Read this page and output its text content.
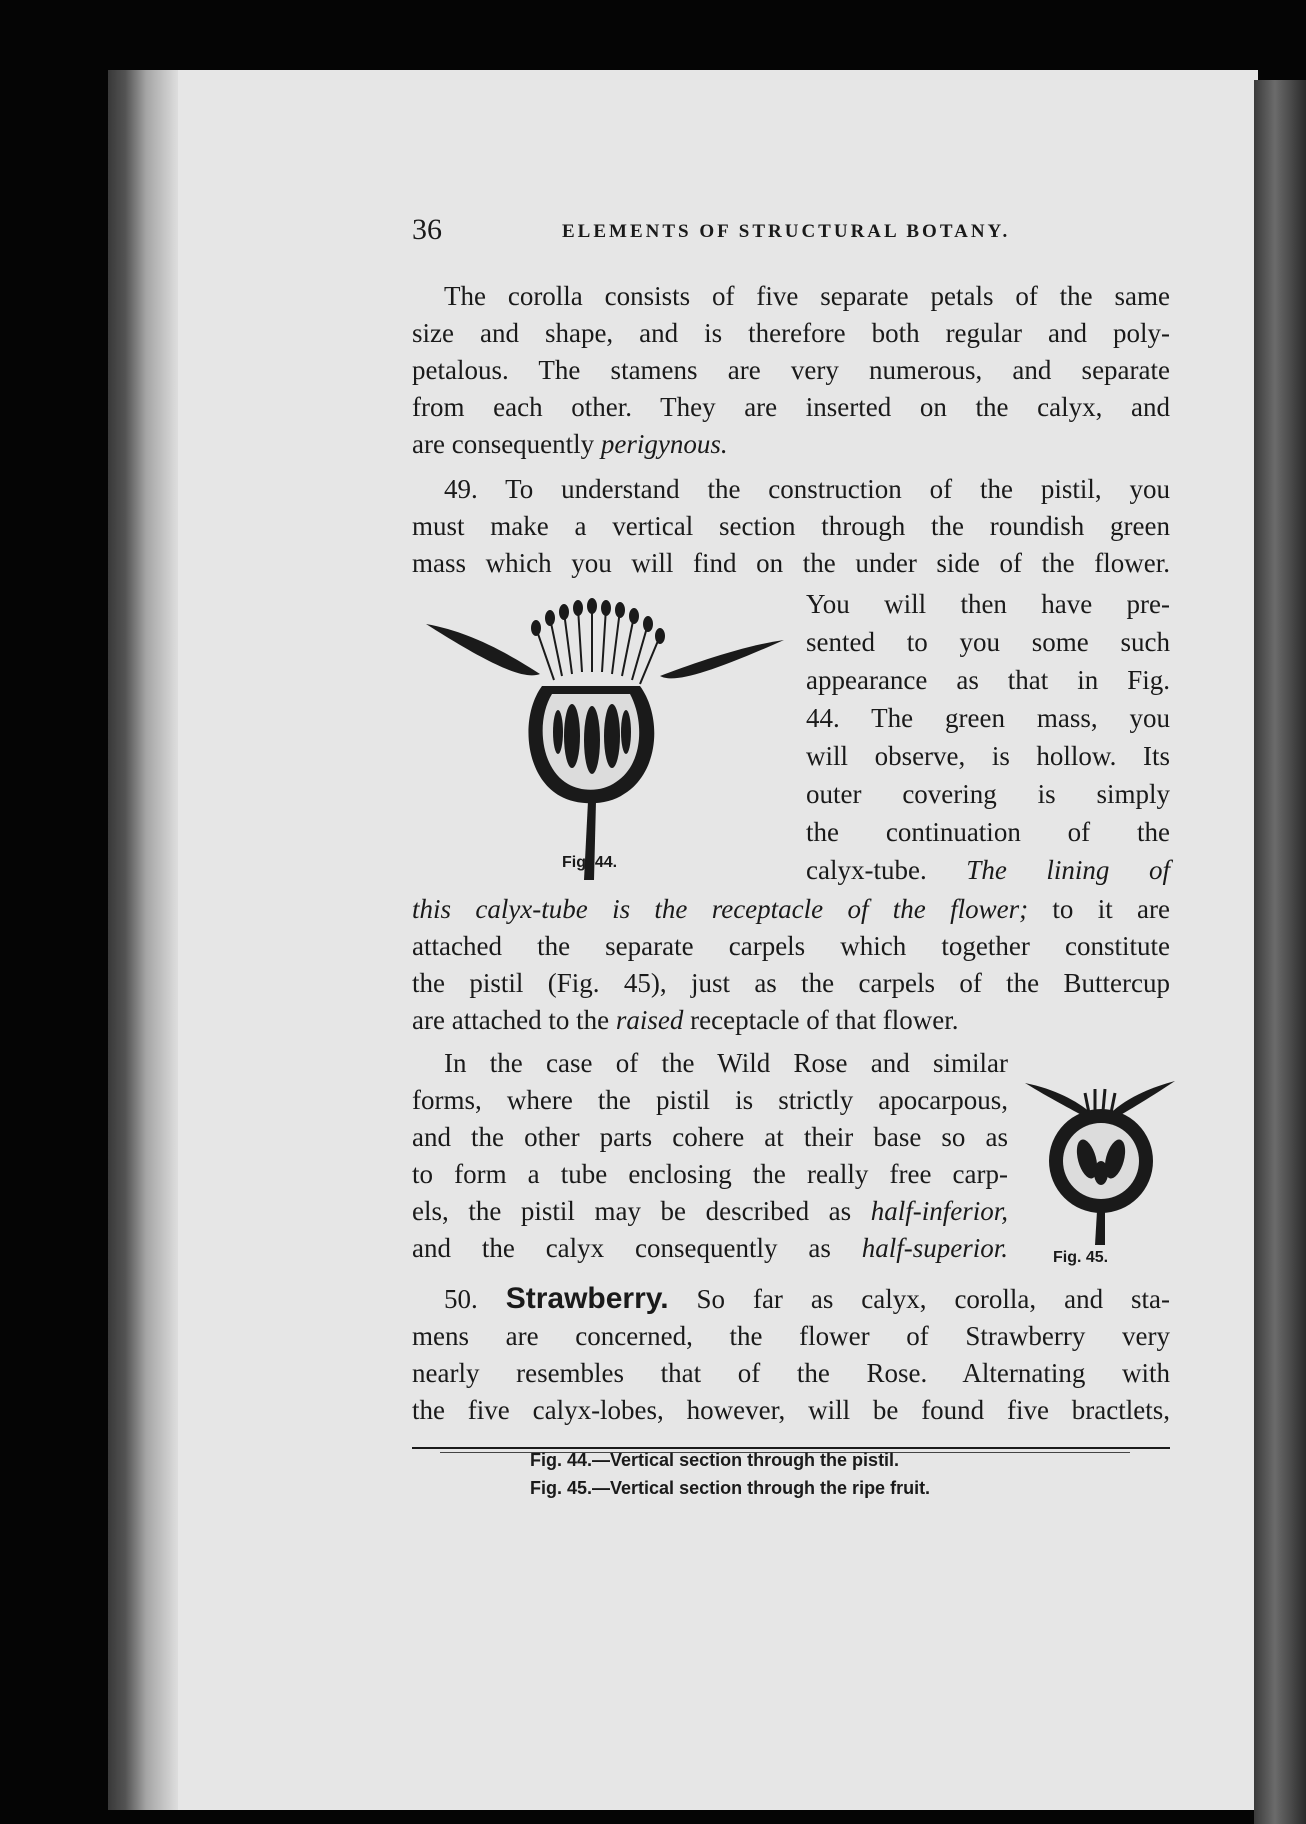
36	ELEMENTS OF STRUCTURAL BOTANY.

The corolla consists of five separate petals of the same

size and shape, and is therefore both regular and poly-

petalous. The stamens are very numerous, and separate

from each other. They are inserted on the calyx, and

are consequently perigynous.

49. To understand the construction of the pistil, you

must make a vertical section through the roundish green

mass which you will find on the under side of the flower.

You will then have pre-

sented to you some such

appearance as that in Fig.

44. The green mass, you

will observe, is hollow. Its

outer covering is simply

the continuation of the

calyx-tube. The lining of

Fig. 44.

this calyx-tube is the receptacle of the flower; to it are

attached the separate carpels which together constitute

the pistil (Fig. 45), just as the carpels of the Buttercup

are attached to the raised receptacle of that flower.

In the case of the Wild Rose and similar

forms, where the pistil is strictly apocarpous,

and the other parts cohere at their base so as

to form a tube enclosing the really free carp-

els, the pistil may be described as half-inferior,

and the calyx consequently as half-superior.	Fig. 45.

50. Strawberry. So far as calyx, corolla, and sta-

mens are concerned, the flower of Strawberry very

nearly resembles that of the Rose. Alternating with

the five calyx-lobes, however, will be found five bractlets,

Fig. 44.—Vertical section through the pistil.
Fig. 45.—Vertical section through the ripe fruit.
